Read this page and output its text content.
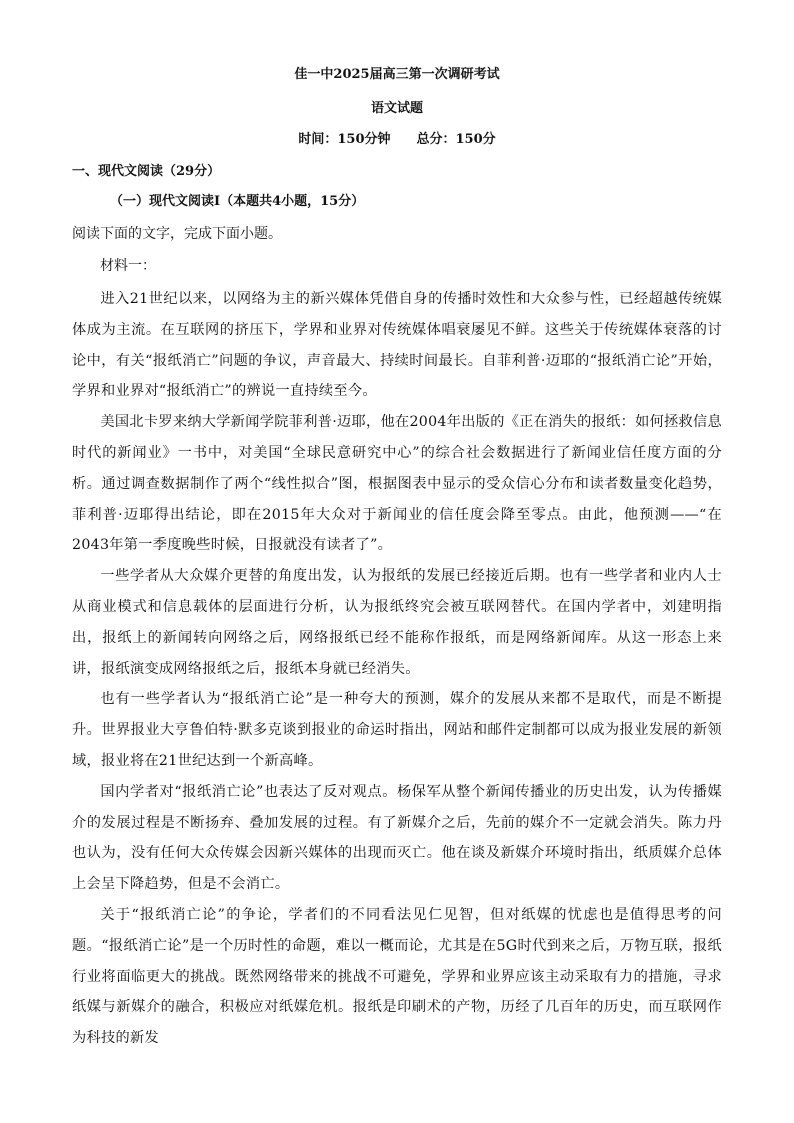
佳一中2025届高三第一次调研考试
语文试题
时间：150分钟 总分：150分
一、现代文阅读（29分）
（一）现代文阅读Ⅰ（本题共4小题，15分）
阅读下面的文字，完成下面小题。
材料一：

进入21世纪以来，以网络为主的新兴媒体凭借自身的传播时效性和大众参与性，已经超越传统媒体成为主流。在互联网的挤压下，学界和业界对传统媒体唱衰屡见不鲜。这些关于传统媒体衰落的讨论中，有关“报纸消亡”问题的争议，声音最大、持续时间最长。自菲利普·迈耶的“报纸消亡论”开始，学界和业界对“报纸消亡”的辨说一直持续至今。

美国北卡罗来纳大学新闻学院菲利普·迈耶，他在2004年出版的《正在消失的报纸：如何拯救信息时代的新闻业》一书中，对美国“全球民意研究中心”的综合社会数据进行了新闻业信任度方面的分析。通过调查数据制作了两个“线性拟合”图，根据图表中显示的受众信心分布和读者数量变化趋势，菲利普·迈耶得出结论，即在2015年大众对于新闻业的信任度会降至零点。由此，他预测——“在2043年第一季度晚些时候，日报就没有读者了”。

一些学者从大众媒介更替的角度出发，认为报纸的发展已经接近后期。也有一些学者和业内人士从商业模式和信息载体的层面进行分析，认为报纸终究会被互联网替代。在国内学者中，刘建明指出，报纸上的新闻转向网络之后，网络报纸已经不能称作报纸，而是网络新闻库。从这一形态上来讲，报纸演变成网络报纸之后，报纸本身就已经消失。

也有一些学者认为“报纸消亡论”是一种夸大的预测，媒介的发展从来都不是取代，而是不断提升。世界报业大亨鲁伯特·默多克谈到报业的命运时指出，网站和邮件定制都可以成为报业发展的新领域，报业将在21世纪达到一个新高峰。

国内学者对“报纸消亡论”也表达了反对观点。杨保军从整个新闻传播业的历史出发，认为传播媒介的发展过程是不断扬弃、叠加发展的过程。有了新媒介之后，先前的媒介不一定就会消失。陈力丹也认为，没有任何大众传媒会因新兴媒体的出现而灭亡。他在谈及新媒介环境时指出，纸质媒介总体上会呈下降趋势，但是不会消亡。

关于“报纸消亡论”的争论，学者们的不同看法见仁见智，但对纸媒的忧虑也是值得思考的问题。“报纸消亡论”是一个历时性的命题，难以一概而论，尤其是在5G时代到来之后，万物互联，报纸行业将面临更大的挑战。既然网络带来的挑战不可避免，学界和业界应该主动采取有力的措施，寻求纸媒与新媒介的融合，积极应对纸媒危机。报纸是印刷术的产物，历经了几百年的历史，而互联网作为科技的新发
